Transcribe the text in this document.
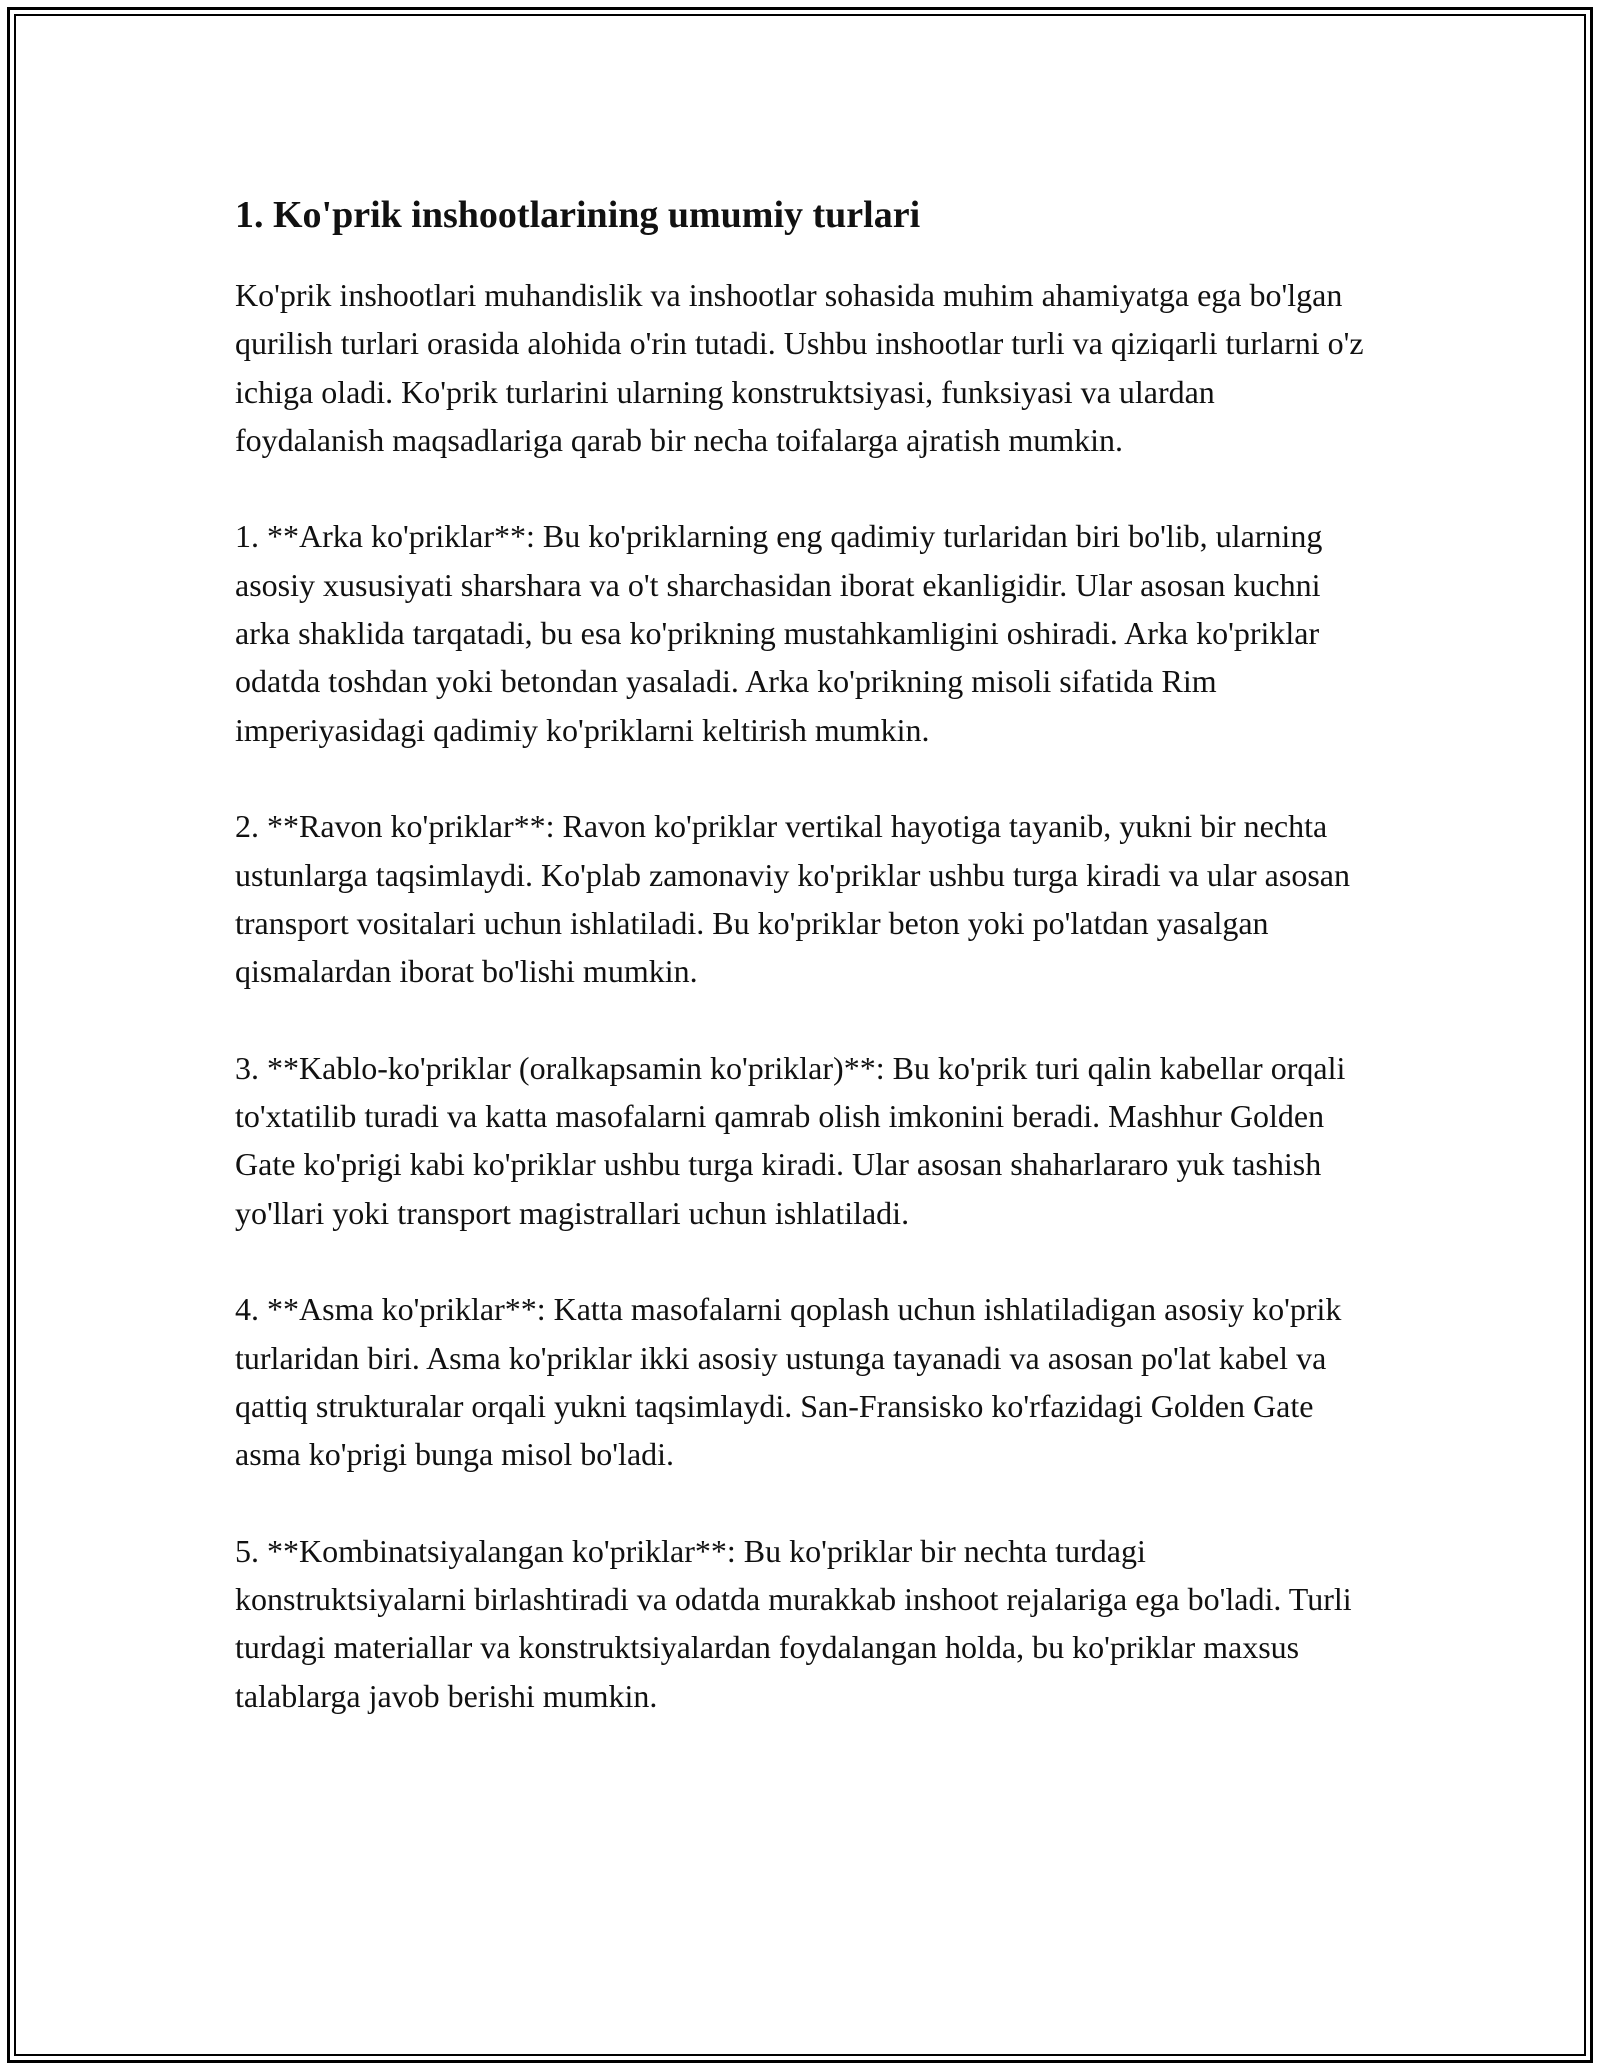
1. Ko'prik inshootlarining umumiy turlari

Ko'prik inshootlari muhandislik va inshootlar sohasida muhim ahamiyatga ega bo'lgan qurilish turlari orasida alohida o'rin tutadi. Ushbu inshootlar turli va qiziqarli turlarni o'z ichiga oladi. Ko'prik turlarini ularning konstruktsiyasi, funksiyasi va ulardan foydalanish maqsadlariga qarab bir necha toifalarga ajratish mumkin.

1. **Arka ko'priklar**: Bu ko'priklarning eng qadimiy turlaridan biri bo'lib, ularning asosiy xususiyati sharshara va o't sharchasidan iborat ekanligidir. Ular asosan kuchni arka shaklida tarqatadi, bu esa ko'prikning mustahkamligini oshiradi. Arka ko'priklar odatda toshdan yoki betondan yasaladi. Arka ko'prikning misoli sifatida Rim imperiyasidagi qadimiy ko'priklarni keltirish mumkin.

2. **Ravon ko'priklar**: Ravon ko'priklar vertikal hayotiga tayanib, yukni bir nechta ustunlarga taqsimlaydi. Ko'plab zamonaviy ko'priklar ushbu turga kiradi va ular asosan transport vositalari uchun ishlatiladi. Bu ko'priklar beton yoki po'latdan yasalgan qismalardan iborat bo'lishi mumkin.

3. **Kablo-ko'priklar (oralkapsamin ko'priklar)**: Bu ko'prik turi qalin kabellar orqali to'xtatilib turadi va katta masofalarni qamrab olish imkonini beradi. Mashhur Golden Gate ko'prigi kabi ko'priklar ushbu turga kiradi. Ular asosan shaharlararo yuk tashish yo'llari yoki transport magistrallari uchun ishlatiladi.

4. **Asma ko'priklar**: Katta masofalarni qoplash uchun ishlatiladigan asosiy ko'prik turlaridan biri. Asma ko'priklar ikki asosiy ustunga tayanadi va asosan po'lat kabel va qattiq strukturalar orqali yukni taqsimlaydi. San-Fransisko ko'rfazidagi Golden Gate asma ko'prigi bunga misol bo'ladi.

5. **Kombinatsiyalangan ko'priklar**: Bu ko'priklar bir nechta turdagi konstruktsiyalarni birlashtiradi va odatda murakkab inshoot rejalariga ega bo'ladi. Turli turdagi materiallar va konstruktsiyalardan foydalangan holda, bu ko'priklar maxsus talablarga javob berishi mumkin.
